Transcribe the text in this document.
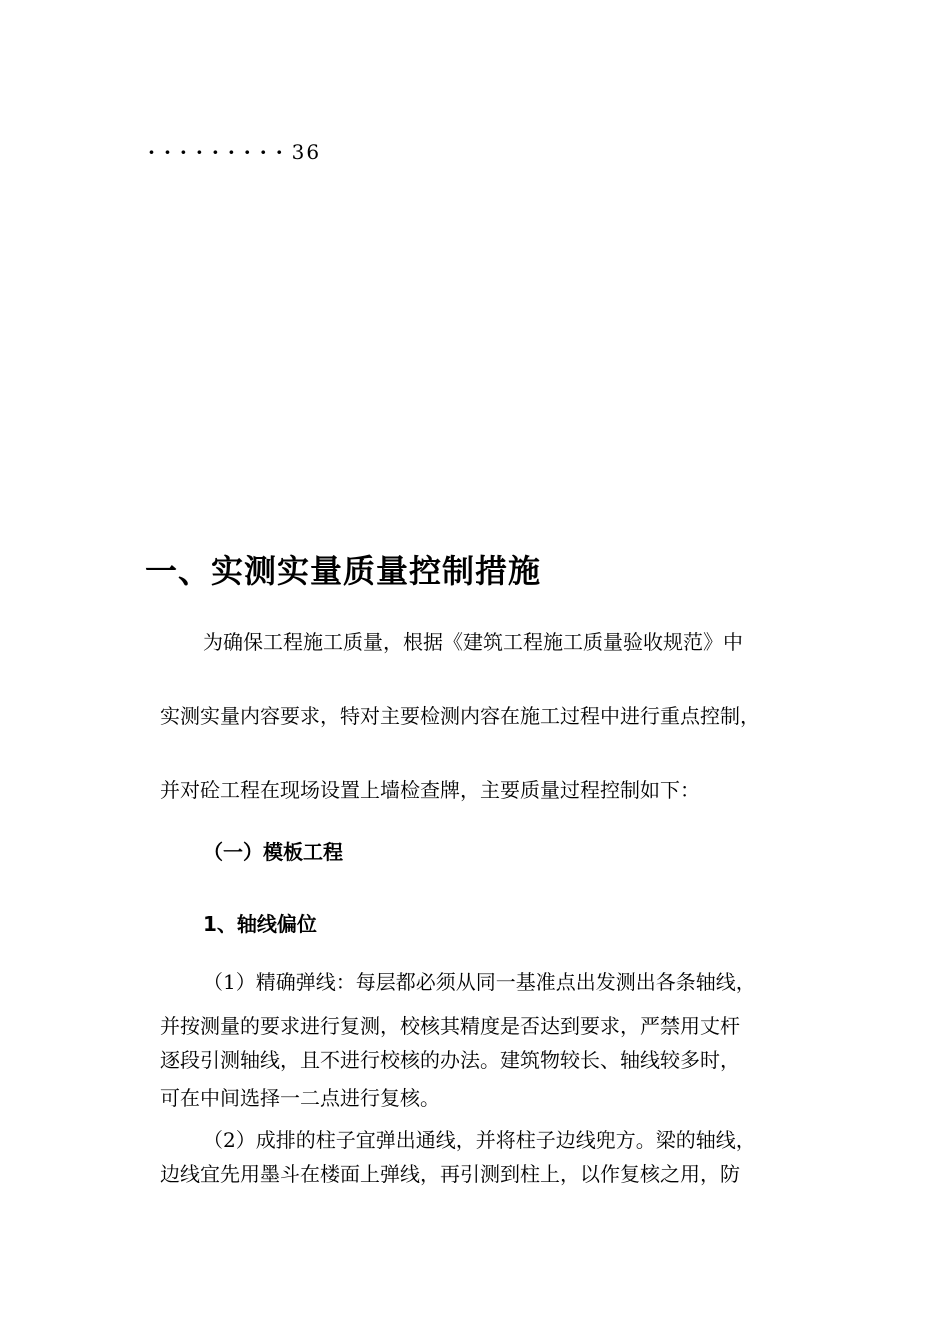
·········36
一、实测实量质量控制措施
为确保工程施工质量，根据《建筑工程施工质量验收规范》中
实测实量内容要求，特对主要检测内容在施工过程中进行重点控制，
并对砼工程在现场设置上墙检查牌，主要质量过程控制如下：
（一）模板工程
1、轴线偏位
（1）精确弹线：每层都必须从同一基准点出发测出各条轴线，
并按测量的要求进行复测，校核其精度是否达到要求，严禁用丈杆
逐段引测轴线，且不进行校核的办法。建筑物较长、轴线较多时，
可在中间选择一二点进行复核。
（2）成排的柱子宜弹出通线，并将柱子边线兜方。梁的轴线，
边线宜先用墨斗在楼面上弹线，再引测到柱上，以作复核之用，防
